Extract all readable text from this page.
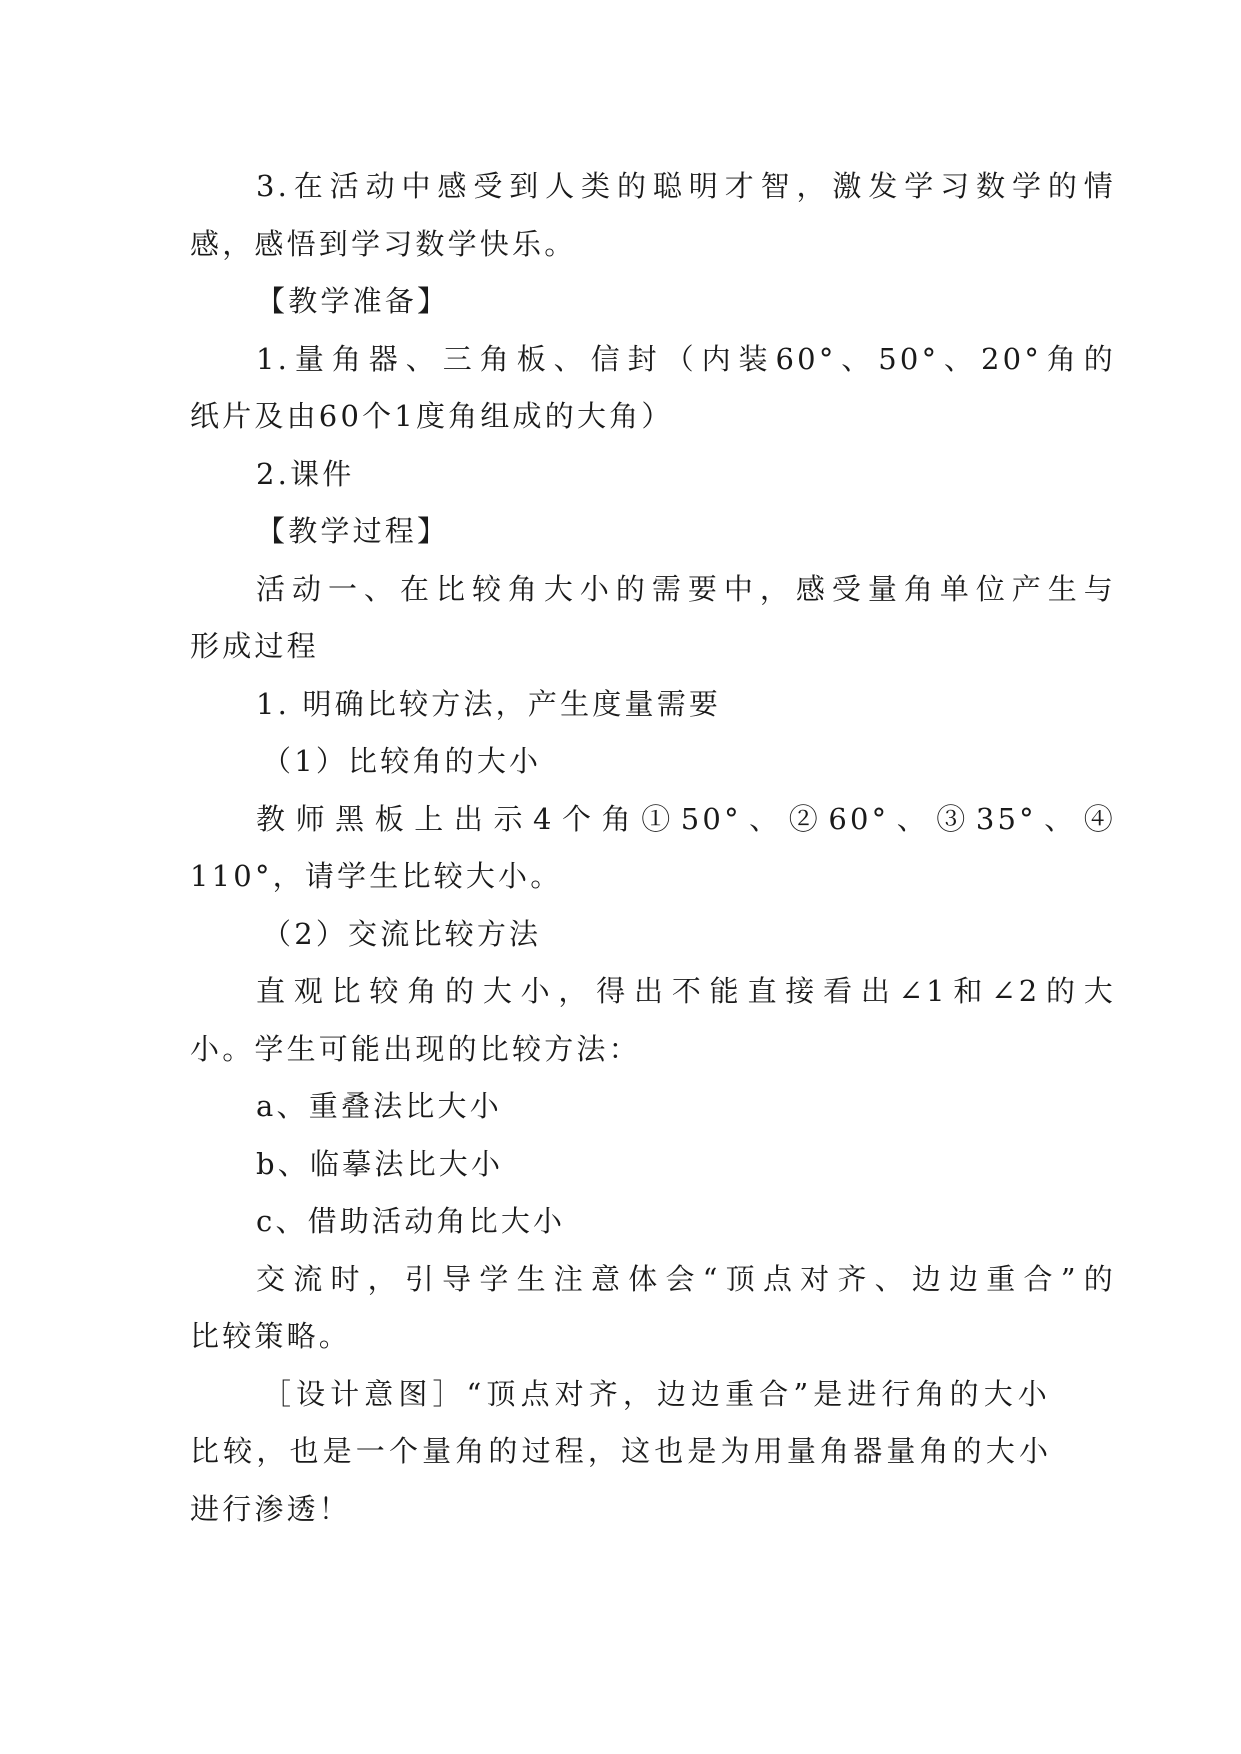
3.在活动中感受到人类的聪明才智，激发学习数学的情
感，感悟到学习数学快乐。
【教学准备】
1.量角器、三角板、信封（内装60°、50°、20°角的
纸片及由60个1度角组成的大角）
2.课件
【教学过程】
活动一、在比较角大小的需要中，感受量角单位产生与
形成过程
1. 明确比较方法，产生度量需要
（1）比较角的大小
教师黑板上出示4个角①50°、②60°、③35°、④
110°，请学生比较大小。
（2）交流比较方法
直观比较角的大小，得出不能直接看出∠1和∠2的大
小。学生可能出现的比较方法：
a、重叠法比大小
b、临摹法比大小
c、借助活动角比大小
交流时，引导学生注意体会“顶点对齐、边边重合”的
比较策略。
［设计意图］“顶点对齐，边边重合”是进行角的大小
比较，也是一个量角的过程，这也是为用量角器量角的大小
进行渗透！
